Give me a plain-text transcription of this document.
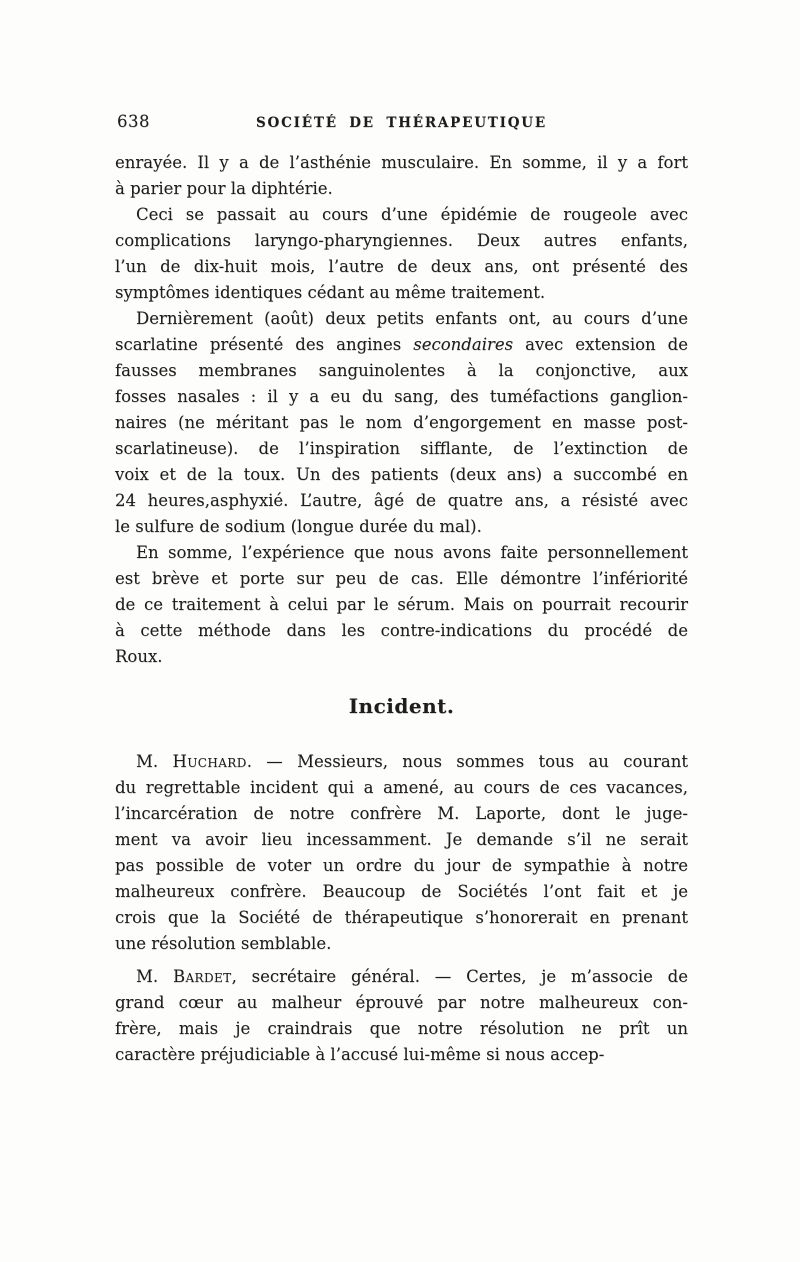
638	SOCIÉTÉ DE THÉRAPEUTIQUE
enrayée. Il y a de l’asthénie musculaire. En somme, il y a fort
à parier pour la diphtérie.
Ceci se passait au cours d’une épidémie de rougeole avec
complications laryngo-pharyngiennes. Deux autres enfants,
l’un de dix-huit mois, l’autre de deux ans, ont présenté des
symptômes identiques cédant au même traitement.
Dernièrement (août) deux petits enfants ont, au cours d’une
scarlatine présenté des angines secondaires avec extension de
fausses membranes sanguinolentes à la conjonctive, aux
fosses nasales : il y a eu du sang, des tuméfactions ganglion-
naires (ne méritant pas le nom d’engorgement en masse post-
scarlatineuse). de l’inspiration sifflante, de l’extinction de
voix et de la toux. Un des patients (deux ans) a succombé en
24 heures,asphyxié. L’autre, âgé de quatre ans, a résisté avec
le sulfure de sodium (longue durée du mal).
En somme, l’expérience que nous avons faite personnellement
est brève et porte sur peu de cas. Elle démontre l’infériorité
de ce traitement à celui par le sérum. Mais on pourrait recourir
à cette méthode dans les contre-indications du procédé de
Roux.
Incident.
M. Huchard. — Messieurs, nous sommes tous au courant
du regrettable incident qui a amené, au cours de ces vacances,
l’incarcération de notre confrère M. Laporte, dont le juge-
ment va avoir lieu incessamment. Je demande s’il ne serait
pas possible de voter un ordre du jour de sympathie à notre
malheureux confrère. Beaucoup de Sociétés l’ont fait et je
crois que la Société de thérapeutique s’honorerait en prenant
une résolution semblable.
M. Bardet, secrétaire général. — Certes, je m’associe de
grand cœur au malheur éprouvé par notre malheureux con-
frère, mais je craindrais que notre résolution ne prît un
caractère préjudiciable à l’accusé lui-même si nous accep-
